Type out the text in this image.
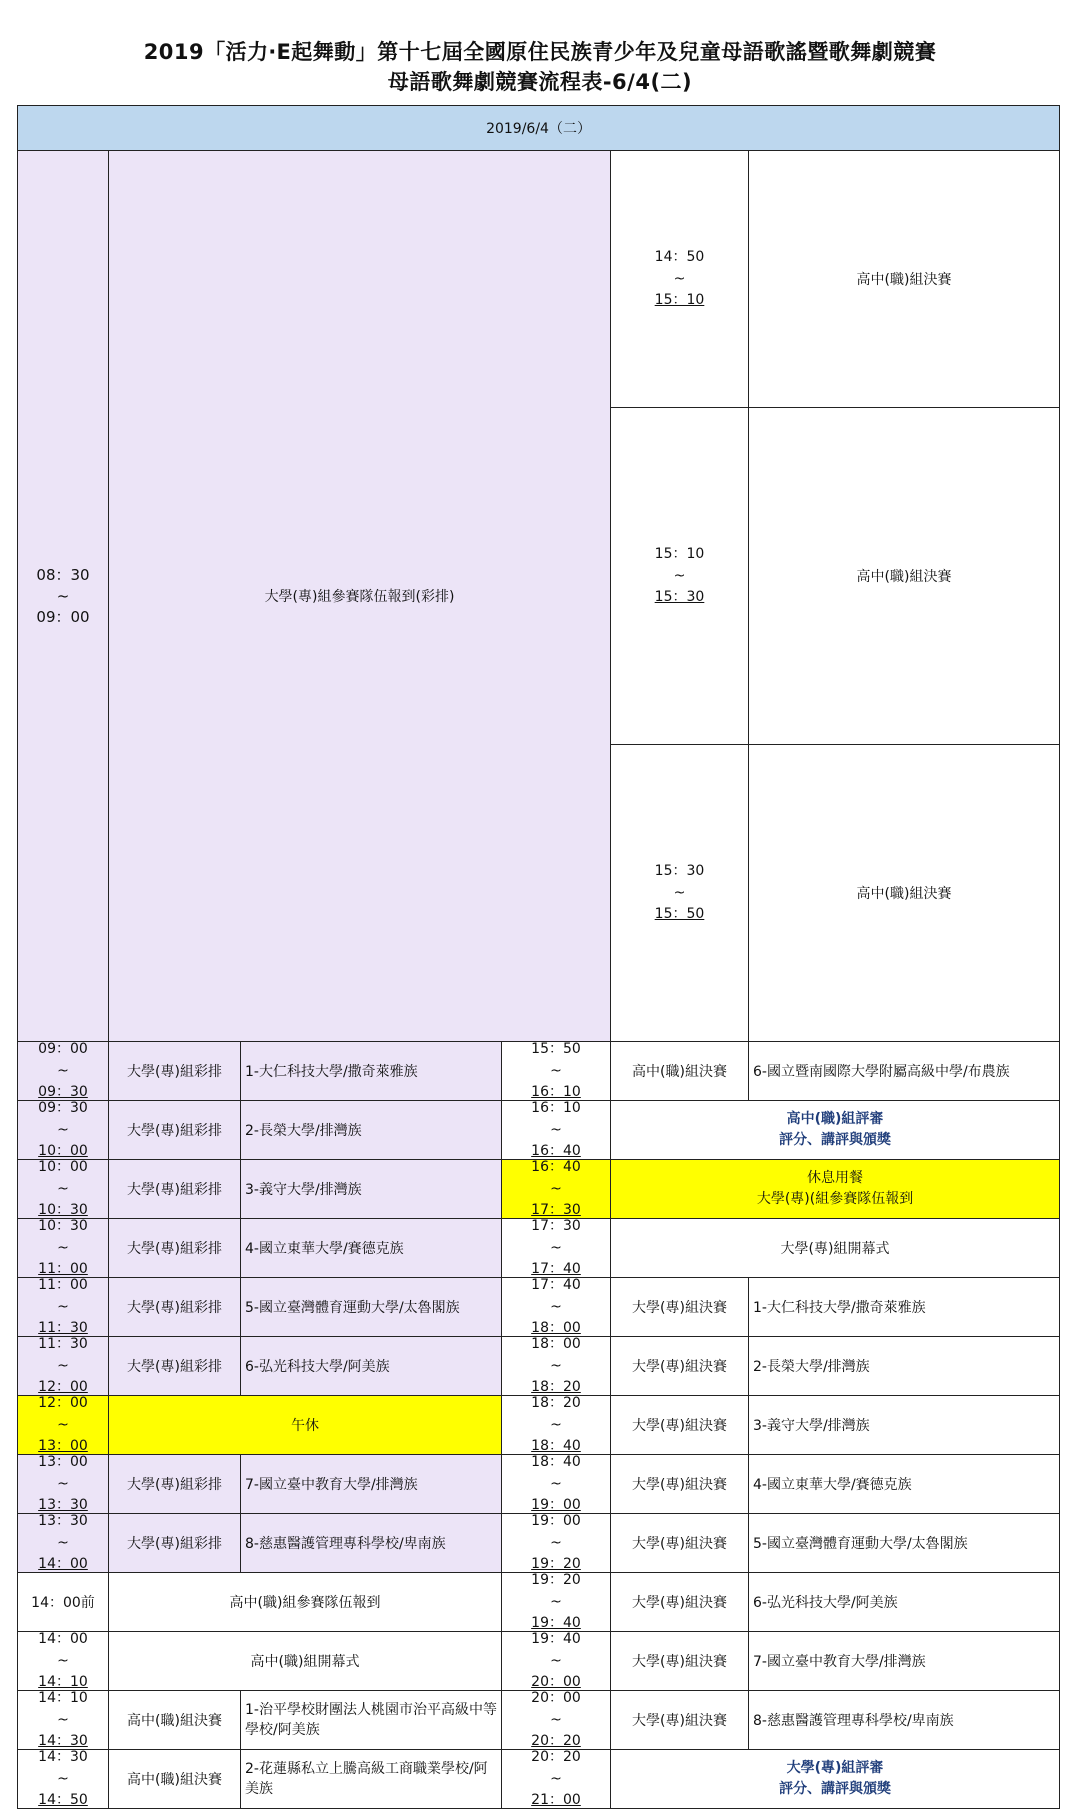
2019「活力‧E起舞動」第十七屆全國原住民族青少年及兒童母語歌謠暨歌舞劇競賽
母語歌舞劇競賽流程表-6/4(二)
2019/6/4（二）						

08：30
~
09：00	大學(專)組參賽隊伍報到(彩排)			14：50
~
15：10	高中(職)組決賽	

				15：10
~
15：30	高中(職)組決賽	

				15：30
~
15：50	高中(職)組決賽	

09：00
~
09：30	大學(專)組彩排	1-大仁科技大學/撒奇萊雅族	15：50
~
16：10	高中(職)組決賽	6-國立暨南國際大學附屬高級中學/布農族	

09：30
~
10：00	大學(專)組彩排	2-長榮大學/排灣族	16：10
~
16：40	高中(職)組評審
評分、講評與頒獎		

10：00
~
10：30	大學(專)組彩排	3-義守大學/排灣族	16：40
~
17：30	休息用餐
大學(專)(組參賽隊伍報到		

10：30
~
11：00	大學(專)組彩排	4-國立東華大學/賽德克族	17：30
~
17：40	大學(專)組開幕式		

11：00
~
11：30	大學(專)組彩排	5-國立臺灣體育運動大學/太魯閣族	17：40
~
18：00	大學(專)組決賽	1-大仁科技大學/撒奇萊雅族	

11：30
~
12：00	大學(專)組彩排	6-弘光科技大學/阿美族	18：00
~
18：20	大學(專)組決賽	2-長榮大學/排灣族	

12：00
~
13：00	午休		18：20
~
18：40	大學(專)組決賽	3-義守大學/排灣族	

13：00
~
13：30	大學(專)組彩排	7-國立臺中教育大學/排灣族	18：40
~
19：00	大學(專)組決賽	4-國立東華大學/賽德克族	

13：30
~
14：00	大學(專)組彩排	8-慈惠醫護管理專科學校/卑南族	19：00
~
19：20	大學(專)組決賽	5-國立臺灣體育運動大學/太魯閣族	
14：00前	高中(職)組參賽隊伍報到		19：20
~
19：40	大學(專)組決賽	6-弘光科技大學/阿美族	

14：00
~
14：10	高中(職)組開幕式		19：40
~
20：00	大學(專)組決賽	7-國立臺中教育大學/排灣族	

14：10
~
14：30	高中(職)組決賽	1-治平學校財團法人桃園市治平高級中等學校/阿美族	20：00
~
20：20	大學(專)組決賽	8-慈惠醫護管理專科學校/卑南族	

14：30
~
14：50	高中(職)組決賽	2-花蓮縣私立上騰高級工商職業學校/阿美族	20：20
~
21：00	大學(專)組評審
評分、講評與頒獎		
